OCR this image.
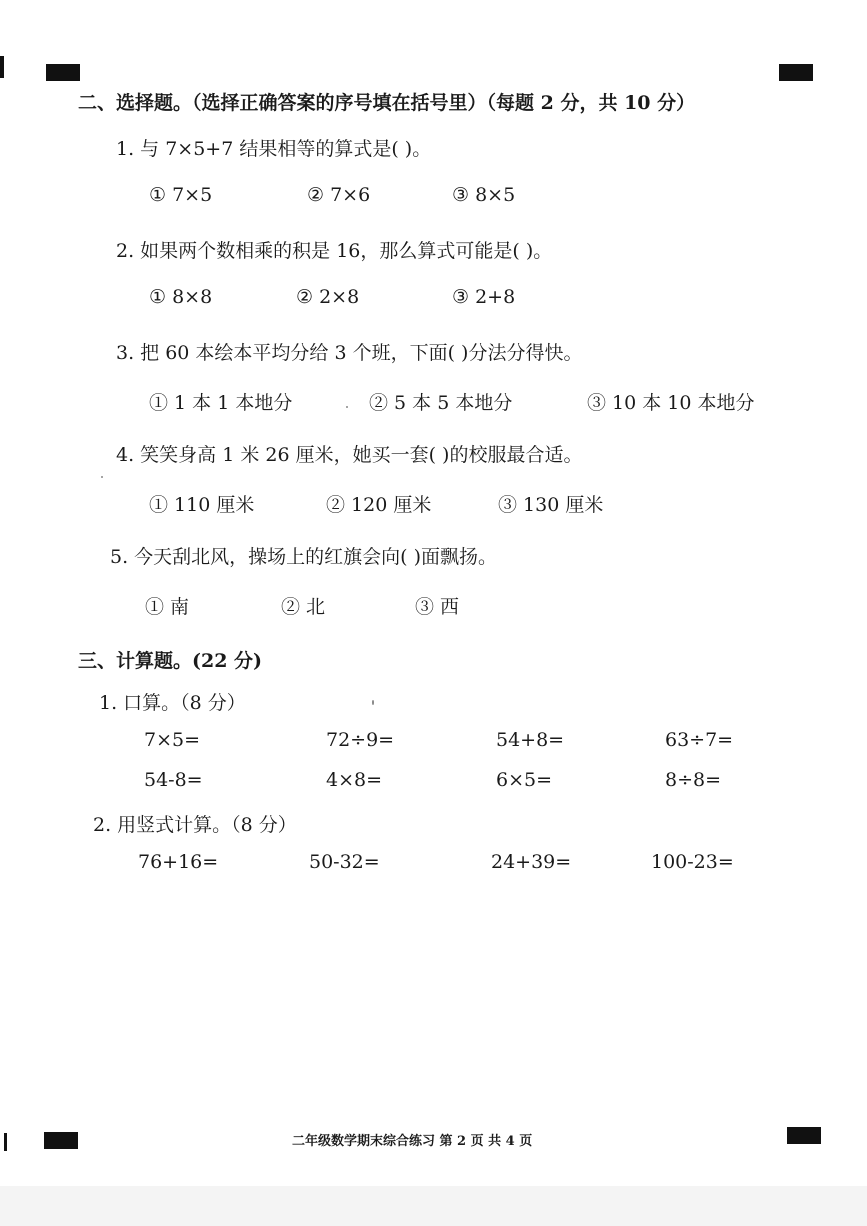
二、选择题。（选择正确答案的序号填在括号里）（每题 2 分，共 10 分）
1. 与 7×5+7 结果相等的算式是( )。
① 7×5	② 7×6	③ 8×5
2. 如果两个数相乘的积是 16，那么算式可能是( )。
① 8×8	② 2×8	③ 2+8
3. 把 60 本绘本平均分给 3 个班，下面( )分法分得快。
① 1 本 1 本地分	② 5 本 5 本地分	③ 10 本 10 本地分
4. 笑笑身高 1 米 26 厘米，她买一套( )的校服最合适。
① 110 厘米	② 120 厘米	③ 130 厘米
5. 今天刮北风，操场上的红旗会向( )面飘扬。
① 南	② 北	③ 西
三、计算题。(22 分)
1. 口算。（8 分）
7×5=	72÷9=	54+8=	63÷7=
54-8=	4×8=	6×5=	8÷8=
2. 用竖式计算。（8 分）
76+16=	50-32=	24+39=	100-23=
二年级数学期末综合练习 第 2 页 共 4 页
